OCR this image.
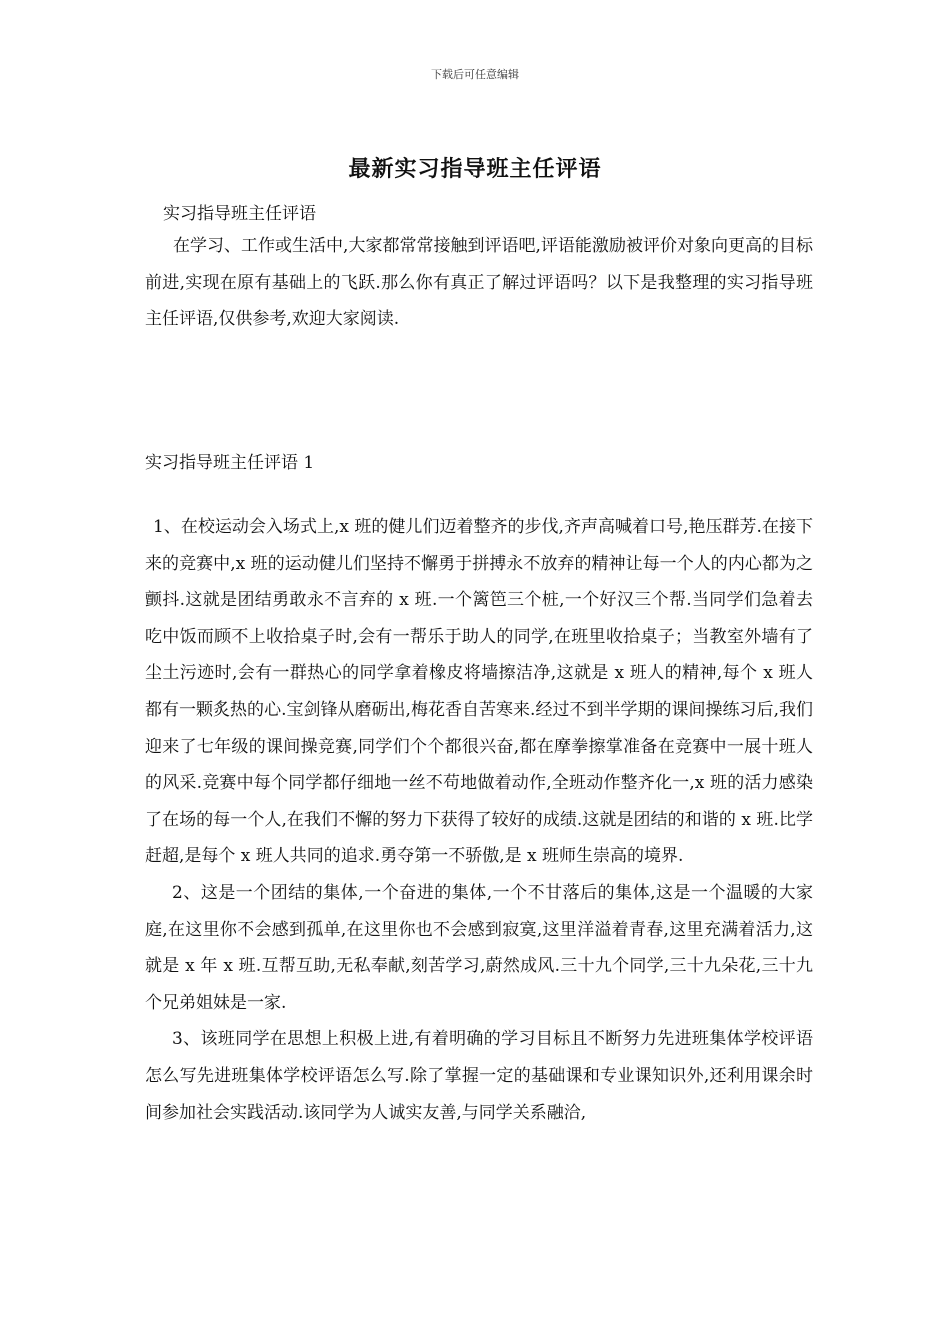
下载后可任意编辑
最新实习指导班主任评语
实习指导班主任评语

在学习、工作或生活中,大家都常常接触到评语吧,评语能激励被评价对象向更高的目标前进,实现在原有基础上的飞跃.那么你有真正了解过评语吗？以下是我整理的实习指导班主任评语,仅供参考,欢迎大家阅读.

实习指导班主任评语 1

1、在校运动会入场式上,x 班的健儿们迈着整齐的步伐,齐声高喊着口号,艳压群芳.在接下来的竞赛中,x 班的运动健儿们坚持不懈勇于拼搏永不放弃的精神让每一个人的内心都为之颤抖.这就是团结勇敢永不言弃的 x 班.一个篱笆三个桩,一个好汉三个帮.当同学们急着去吃中饭而顾不上收拾桌子时,会有一帮乐于助人的同学,在班里收拾桌子；当教室外墙有了尘土污迹时,会有一群热心的同学拿着橡皮将墙擦洁净,这就是 x 班人的精神,每个 x 班人都有一颗炙热的心.宝剑锋从磨砺出,梅花香自苦寒来.经过不到半学期的课间操练习后,我们迎来了七年级的课间操竞赛,同学们个个都很兴奋,都在摩拳擦掌准备在竞赛中一展十班人的风采.竞赛中每个同学都仔细地一丝不苟地做着动作,全班动作整齐化一,x 班的活力感染了在场的每一个人,在我们不懈的努力下获得了较好的成绩.这就是团结的和谐的 x 班.比学赶超,是每个 x 班人共同的追求.勇夺第一不骄傲,是 x 班师生崇高的境界.

2、这是一个团结的集体,一个奋进的集体,一个不甘落后的集体,这是一个温暖的大家庭,在这里你不会感到孤单,在这里你也不会感到寂寞,这里洋溢着青春,这里充满着活力,这就是 x 年 x 班.互帮互助,无私奉献,刻苦学习,蔚然成风.三十九个同学,三十九朵花,三十九个兄弟姐妹是一家.

3、该班同学在思想上积极上进,有着明确的学习目标且不断努力先进班集体学校评语怎么写先进班集体学校评语怎么写.除了掌握一定的基础课和专业课知识外,还利用课余时间参加社会实践活动.该同学为人诚实友善,与同学关系融洽,
